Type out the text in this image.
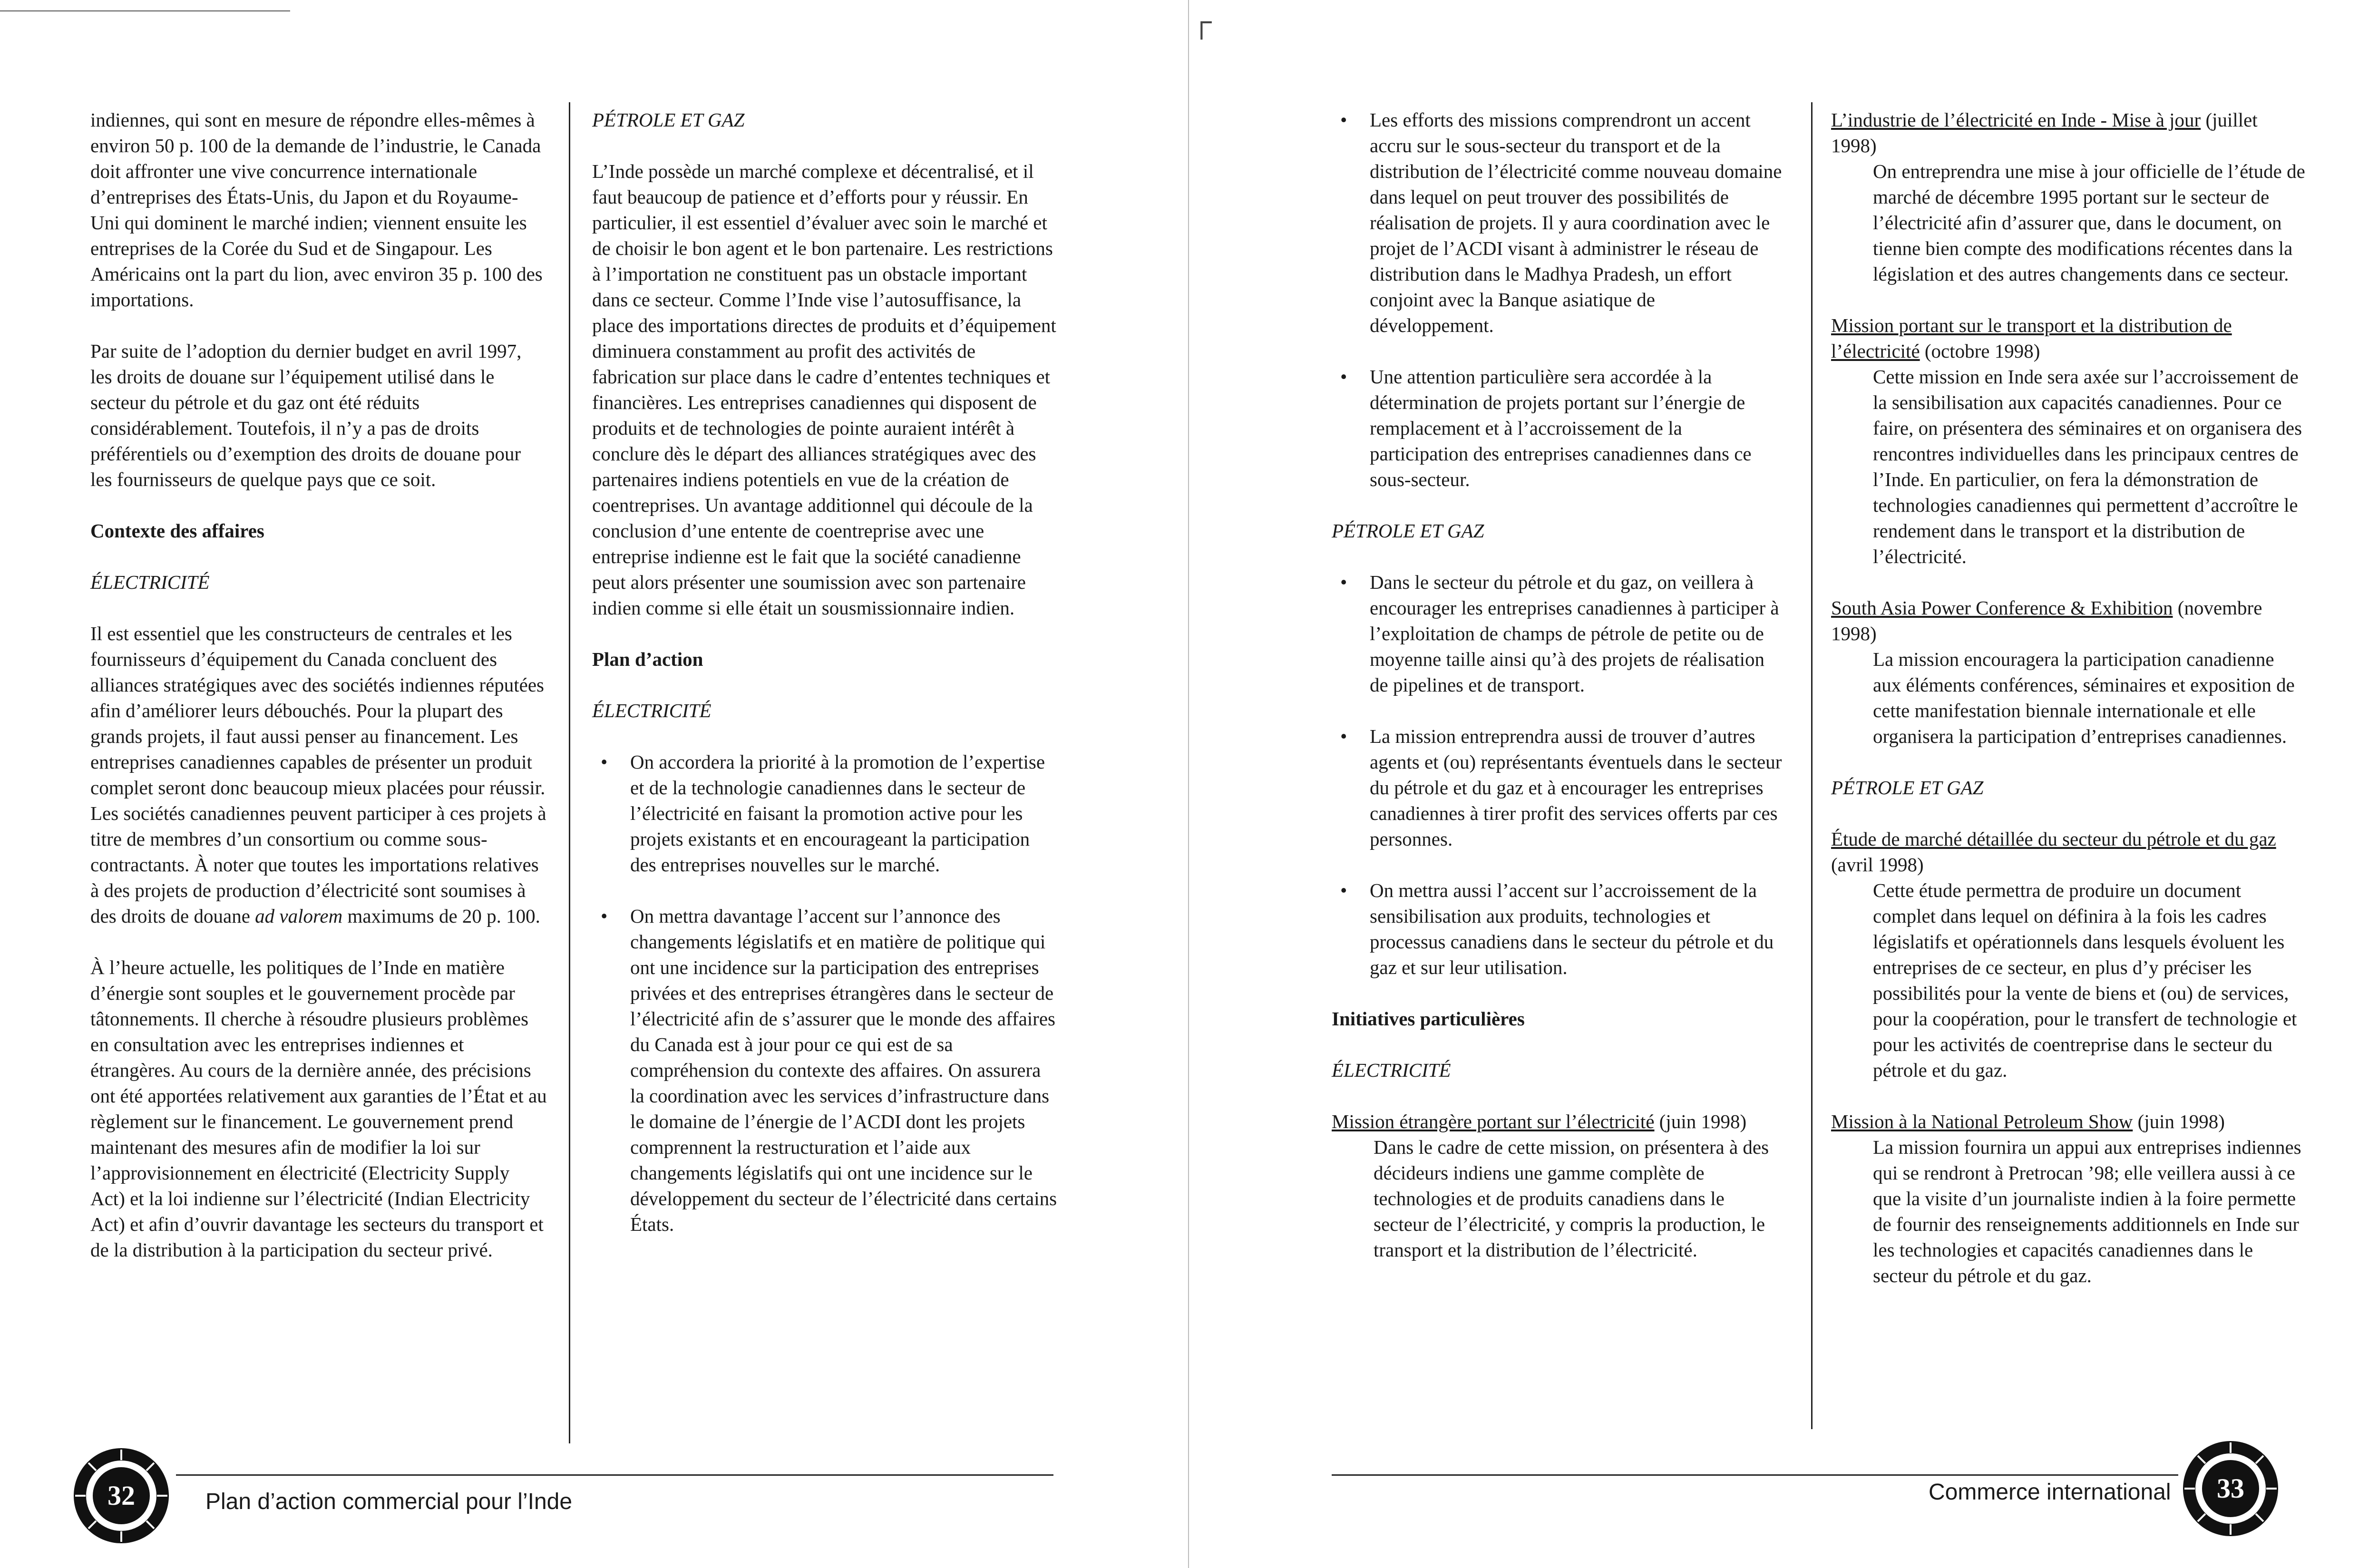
┌

indiennes, qui sont en mesure de répondre elles-mêmes à environ 50 p. 100 de la demande de l’industrie, le Canada doit affronter une vive concurrence internationale d’entreprises des États-Unis, du Japon et du Royaume-Uni qui dominent le marché indien; viennent ensuite les entreprises de la Corée du Sud et de Singapour. Les Américains ont la part du lion, avec environ 35 p. 100 des importations.

Par suite de l’adoption du dernier budget en avril 1997, les droits de douane sur l’équipement utilisé dans le secteur du pétrole et du gaz ont été réduits considérablement. Toutefois, il n’y a pas de droits préférentiels ou d’exemption des droits de douane pour les fournisseurs de quelque pays que ce soit.

Contexte des affaires
ÉLECTRICITÉ

Il est essentiel que les constructeurs de centrales et les fournisseurs d’équipement du Canada concluent des alliances stratégiques avec des sociétés indiennes réputées afin d’améliorer leurs débouchés. Pour la plupart des grands projets, il faut aussi penser au financement. Les entreprises canadiennes capables de présenter un produit complet seront donc beaucoup mieux placées pour réussir. Les sociétés canadiennes peuvent participer à ces projets à titre de membres d’un consortium ou comme sous-contractants. À noter que toutes les importations relatives à des projets de production d’électricité sont soumises à des droits de douane ad valorem maximums de 20 p. 100.

À l’heure actuelle, les politiques de l’Inde en matière d’énergie sont souples et le gouvernement procède par tâtonnements. Il cherche à résoudre plusieurs problèmes en consultation avec les entreprises indiennes et étrangères. Au cours de la dernière année, des précisions ont été apportées relativement aux garanties de l’État et au règlement sur le financement. Le gouvernement prend maintenant des mesures afin de modifier la loi sur l’approvisionnement en électricité (Electricity Supply Act) et la loi indienne sur l’électricité (Indian Electricity Act) et afin d’ouvrir davantage les secteurs du transport et de la distribution à la participation du secteur privé.

PÉTROLE ET GAZ

L’Inde possède un marché complexe et décentralisé, et il faut beaucoup de patience et d’efforts pour y réussir. En particulier, il est essentiel d’évaluer avec soin le marché et de choisir le bon agent et le bon partenaire. Les restrictions à l’importation ne constituent pas un obstacle important dans ce secteur. Comme l’Inde vise l’autosuffisance, la place des importations directes de produits et d’équipement diminuera constamment au profit des activités de fabrication sur place dans le cadre d’ententes techniques et financières. Les entreprises canadiennes qui disposent de produits et de technologies de pointe auraient intérêt à conclure dès le départ des alliances stratégiques avec des partenaires indiens potentiels en vue de la création de coentreprises. Un avantage additionnel qui découle de la conclusion d’une entente de coentreprise avec une entreprise indienne est le fait que la société canadienne peut alors présenter une soumission avec son partenaire indien comme si elle était un sousmissionnaire indien.

Plan d’action
ÉLECTRICITÉ
• On accordera la priorité à la promotion de l’expertise et de la technologie canadiennes dans le secteur de l’électricité en faisant la promotion active pour les projets existants et en encourageant la participation des entreprises nouvelles sur le marché.
• On mettra davantage l’accent sur l’annonce des changements législatifs et en matière de politique qui ont une incidence sur la participation des entreprises privées et des entreprises étrangères dans le secteur de l’électricité afin de s’assurer que le monde des affaires du Canada est à jour pour ce qui est de sa compréhension du contexte des affaires. On assurera la coordination avec les services d’infrastructure dans le domaine de l’énergie de l’ACDI dont les projets comprennent la restructuration et l’aide aux changements législatifs qui ont une incidence sur le développement du secteur de l’électricité dans certains États.
32	Plan d’action commercial pour l’Inde
• Les efforts des missions comprendront un accent accru sur le sous-secteur du transport et de la distribution de l’électricité comme nouveau domaine dans lequel on peut trouver des possibilités de réalisation de projets. Il y aura coordination avec le projet de l’ACDI visant à administrer le réseau de distribution dans le Madhya Pradesh, un effort conjoint avec la Banque asiatique de développement.
• Une attention particulière sera accordée à la détermination de projets portant sur l’énergie de remplacement et à l’accroissement de la participation des entreprises canadiennes dans ce sous-secteur.
PÉTROLE ET GAZ
• Dans le secteur du pétrole et du gaz, on veillera à encourager les entreprises canadiennes à participer à l’exploitation de champs de pétrole de petite ou de moyenne taille ainsi qu’à des projets de réalisation de pipelines et de transport.
• La mission entreprendra aussi de trouver d’autres agents et (ou) représentants éventuels dans le secteur du pétrole et du gaz et à encourager les entreprises canadiennes à tirer profit des services offerts par ces personnes.
• On mettra aussi l’accent sur l’accroissement de la sensibilisation aux produits, technologies et processus canadiens dans le secteur du pétrole et du gaz et sur leur utilisation.
Initiatives particulières
ÉLECTRICITÉ
Mission étrangère portant sur l’électricité (juin 1998)
Dans le cadre de cette mission, on présentera à des décideurs indiens une gamme complète de technologies et de produits canadiens dans le secteur de l’électricité, y compris la production, le transport et la distribution de l’électricité.
L’industrie de l’électricité en Inde - Mise à jour (juillet 1998)
On entreprendra une mise à jour officielle de l’étude de marché de décembre 1995 portant sur le secteur de l’électricité afin d’assurer que, dans le document, on tienne bien compte des modifications récentes dans la législation et des autres changements dans ce secteur.
Mission portant sur le transport et la distribution de l’électricité (octobre 1998)
Cette mission en Inde sera axée sur l’accroissement de la sensibilisation aux capacités canadiennes. Pour ce faire, on présentera des séminaires et on organisera des rencontres individuelles dans les principaux centres de l’Inde. En particulier, on fera la démonstration de technologies canadiennes qui permettent d’accroître le rendement dans le transport et la distribution de l’électricité.
South Asia Power Conference & Exhibition (novembre 1998)
La mission encouragera la participation canadienne aux éléments conférences, séminaires et exposition de cette manifestation biennale internationale et elle organisera la participation d’entreprises canadiennes.
PÉTROLE ET GAZ
Étude de marché détaillée du secteur du pétrole et du gaz (avril 1998)
Cette étude permettra de produire un document complet dans lequel on définira à la fois les cadres législatifs et opérationnels dans lesquels évoluent les entreprises de ce secteur, en plus d’y préciser les possibilités pour la vente de biens et (ou) de services, pour la coopération, pour le transfert de technologie et pour les activités de coentreprise dans le secteur du pétrole et du gaz.
Mission à la National Petroleum Show (juin 1998)
La mission fournira un appui aux entreprises indiennes qui se rendront à Pretrocan ’98; elle veillera aussi à ce que la visite d’un journaliste indien à la foire permette de fournir des renseignements additionnels en Inde sur les technologies et capacités canadiennes dans le secteur du pétrole et du gaz.
Commerce international 33
